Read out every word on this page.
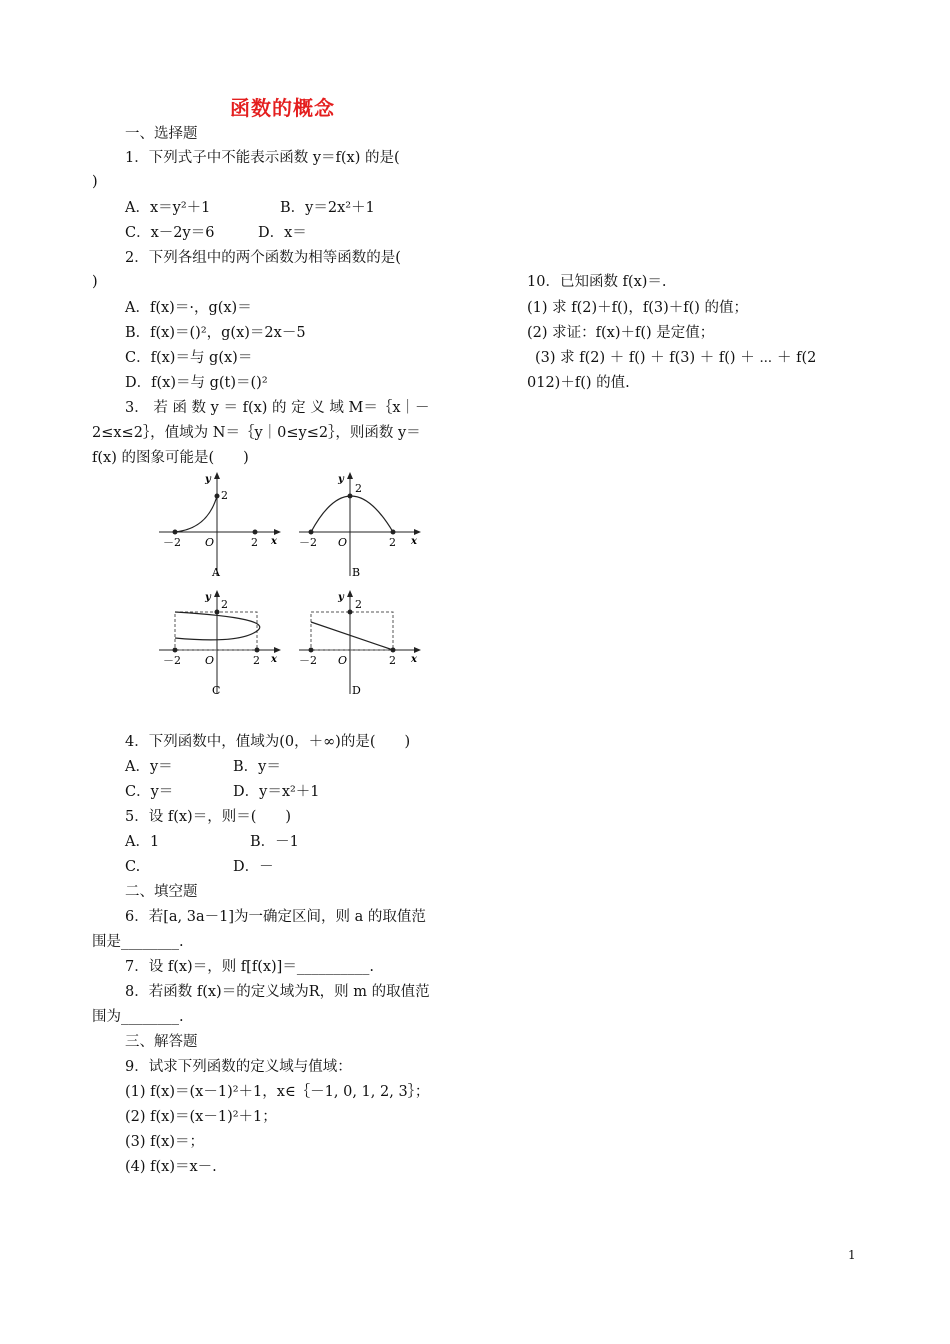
函数的概念
一、选择题
1．下列式子中不能表示函数 y＝f(x) 的是(
)
A．x＝y²＋1	B．y＝2x²＋1
C．x－2y＝6	D．x＝
2．下列各组中的两个函数为相等函数的是(
)
A．f(x)＝·，g(x)＝
B．f(x)＝()²，g(x)＝2x－5
C．f(x)＝与 g(x)＝
D．f(x)＝与 g(t)＝()²
3． 若 函 数 y ＝ f(x) 的 定 义 域 M＝｛x｜－
2≤x≤2｝，值域为 N＝｛y｜0≤y≤2｝，则函数 y＝
f(x) 的图象可能是(　　)
4．下列函数中，值域为(0，＋∞)的是(　　)
A．y＝	B．y＝
C．y＝	D．y＝x²＋1
5．设 f(x)＝，则＝(　　)
A．1	B．－1
C.	D．－
二、填空题
6．若[a, 3a－1]为一确定区间，则 a 的取值范
围是________.
7．设 f(x)＝，则 f[f(x)]＝__________.
8．若函数 f(x)＝的定义域为R，则 m 的取值范
围为________.
三、解答题
9．试求下列函数的定义域与值域：
(1) f(x)＝(x－1)²＋1，x∈｛－1, 0, 1, 2, 3｝；
(2) f(x)＝(x－1)²＋1；
(3) f(x)＝；
(4) f(x)＝x－.
10．已知函数 f(x)＝.
(1) 求 f(2)＋f()，f(3)＋f() 的值；
(2) 求证：f(x)＋f() 是定值；
(3) 求 f(2) ＋ f() ＋ f(3) ＋ f() ＋ ⋯ ＋ f(2
012)＋f() 的值.
y
2
－2 O	2 x
A
y
2
－2 O	2 x
B
y
2
－2 O	2 x
C
y
2
－2 O	2 x
D
1
